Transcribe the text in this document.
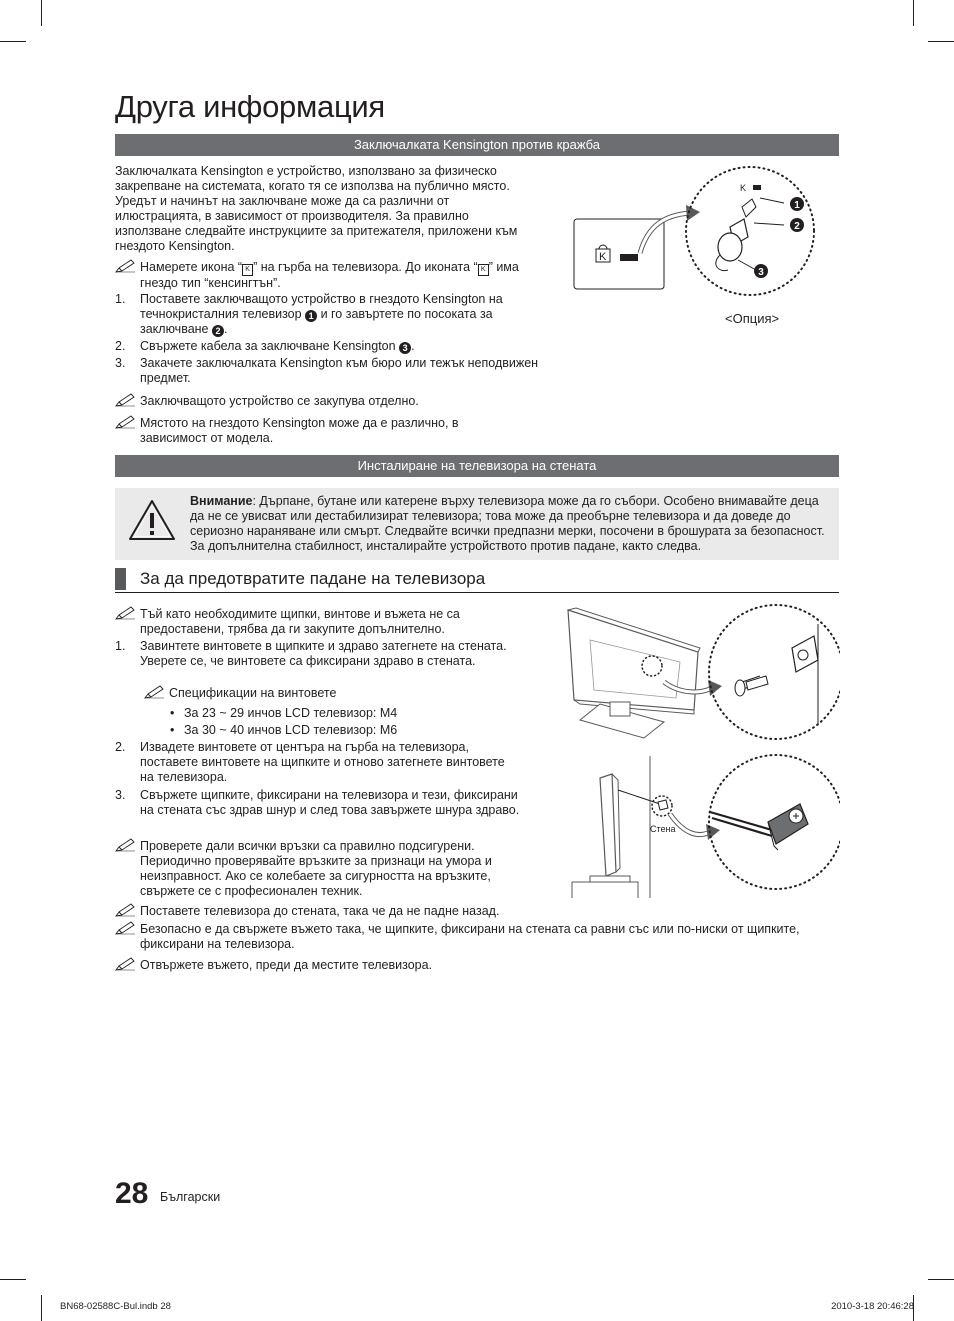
Друга информация
Заключалката Kensington против кражба
Заключалката Kensington е устройство, използвано за физическо закрепване на системата, когато тя се използва на публично място. Уредът и начинът на заключване може да са различни от илюстрацията, в зависимост от производителя. За правилно използване следвайте инструкциите за притежателя, приложени към гнездото Kensington.
Намерете икона “ K ” на гърба на телевизора. До иконата “ K ” има гнездо тип “кенсингтън”.
1. Поставете заключващото устройство в гнездото Kensington на течнокристалния телевизор 1 и го завъртете по посоката за заключване 2 .
2. Свържете кабела за заключване Kensington 3 .
3. Закачете заключалката Kensington към бюро или тежък неподвижен предмет.
Заключващото устройство се закупува отделно.
Мястото на гнездото Kensington може да е различно, в зависимост от модела.
K
K
1
2
3
<Опция>
Инсталиране на телевизора на стената
Внимание: Дърпане, бутане или катерене върху телевизора може да го събори. Особено внимавайте деца да не се увисват или дестабилизират телевизора; това може да преобърне телевизора и да доведе до сериозно нараняване или смърт. Следвайте всички предпазни мерки, посочени в брошурата за безопасност. За допълнителна стабилност, инсталирайте устройството против падане, както следва.
За да предотвратите падане на телевизора
Тъй като необходимите щипки, винтове и въжета не са предоставени, трябва да ги закупите допълнително.
1. Завинтете винтовете в щипките и здраво затегнете на стената. Уверете се, че винтовете са фиксирани здраво в стената.
Спецификации на винтовете
• За 23 ~ 29 инчов LCD телевизор: M4
• За 30 ~ 40 инчов LCD телевизор: M6
2. Извадете винтовете от центъра на гърба на телевизора, поставете винтовете на щипките и отново затегнете винтовете на телевизора.
3. Свържете щипките, фиксирани на телевизора и тези, фиксирани на стената със здрав шнур и след това завържете шнура здраво.
Проверете дали всички връзки са правилно подсигурени. Периодично проверявайте връзките за признаци на умора и неизправност. Ако се колебаете за сигурността на връзките, свържете се с професионален техник.
Поставете телевизора до стената, така че да не падне назад.
Безопасно е да свържете въжето така, че щипките, фиксирани на стената са равни със или по-ниски от щипките, фиксирани на телевизора.
Отвържете въжето, преди да местите телевизора.
Стена
28 Български
BN68-02588C-Bul.indb 28	2010-3-18 20:46:28
